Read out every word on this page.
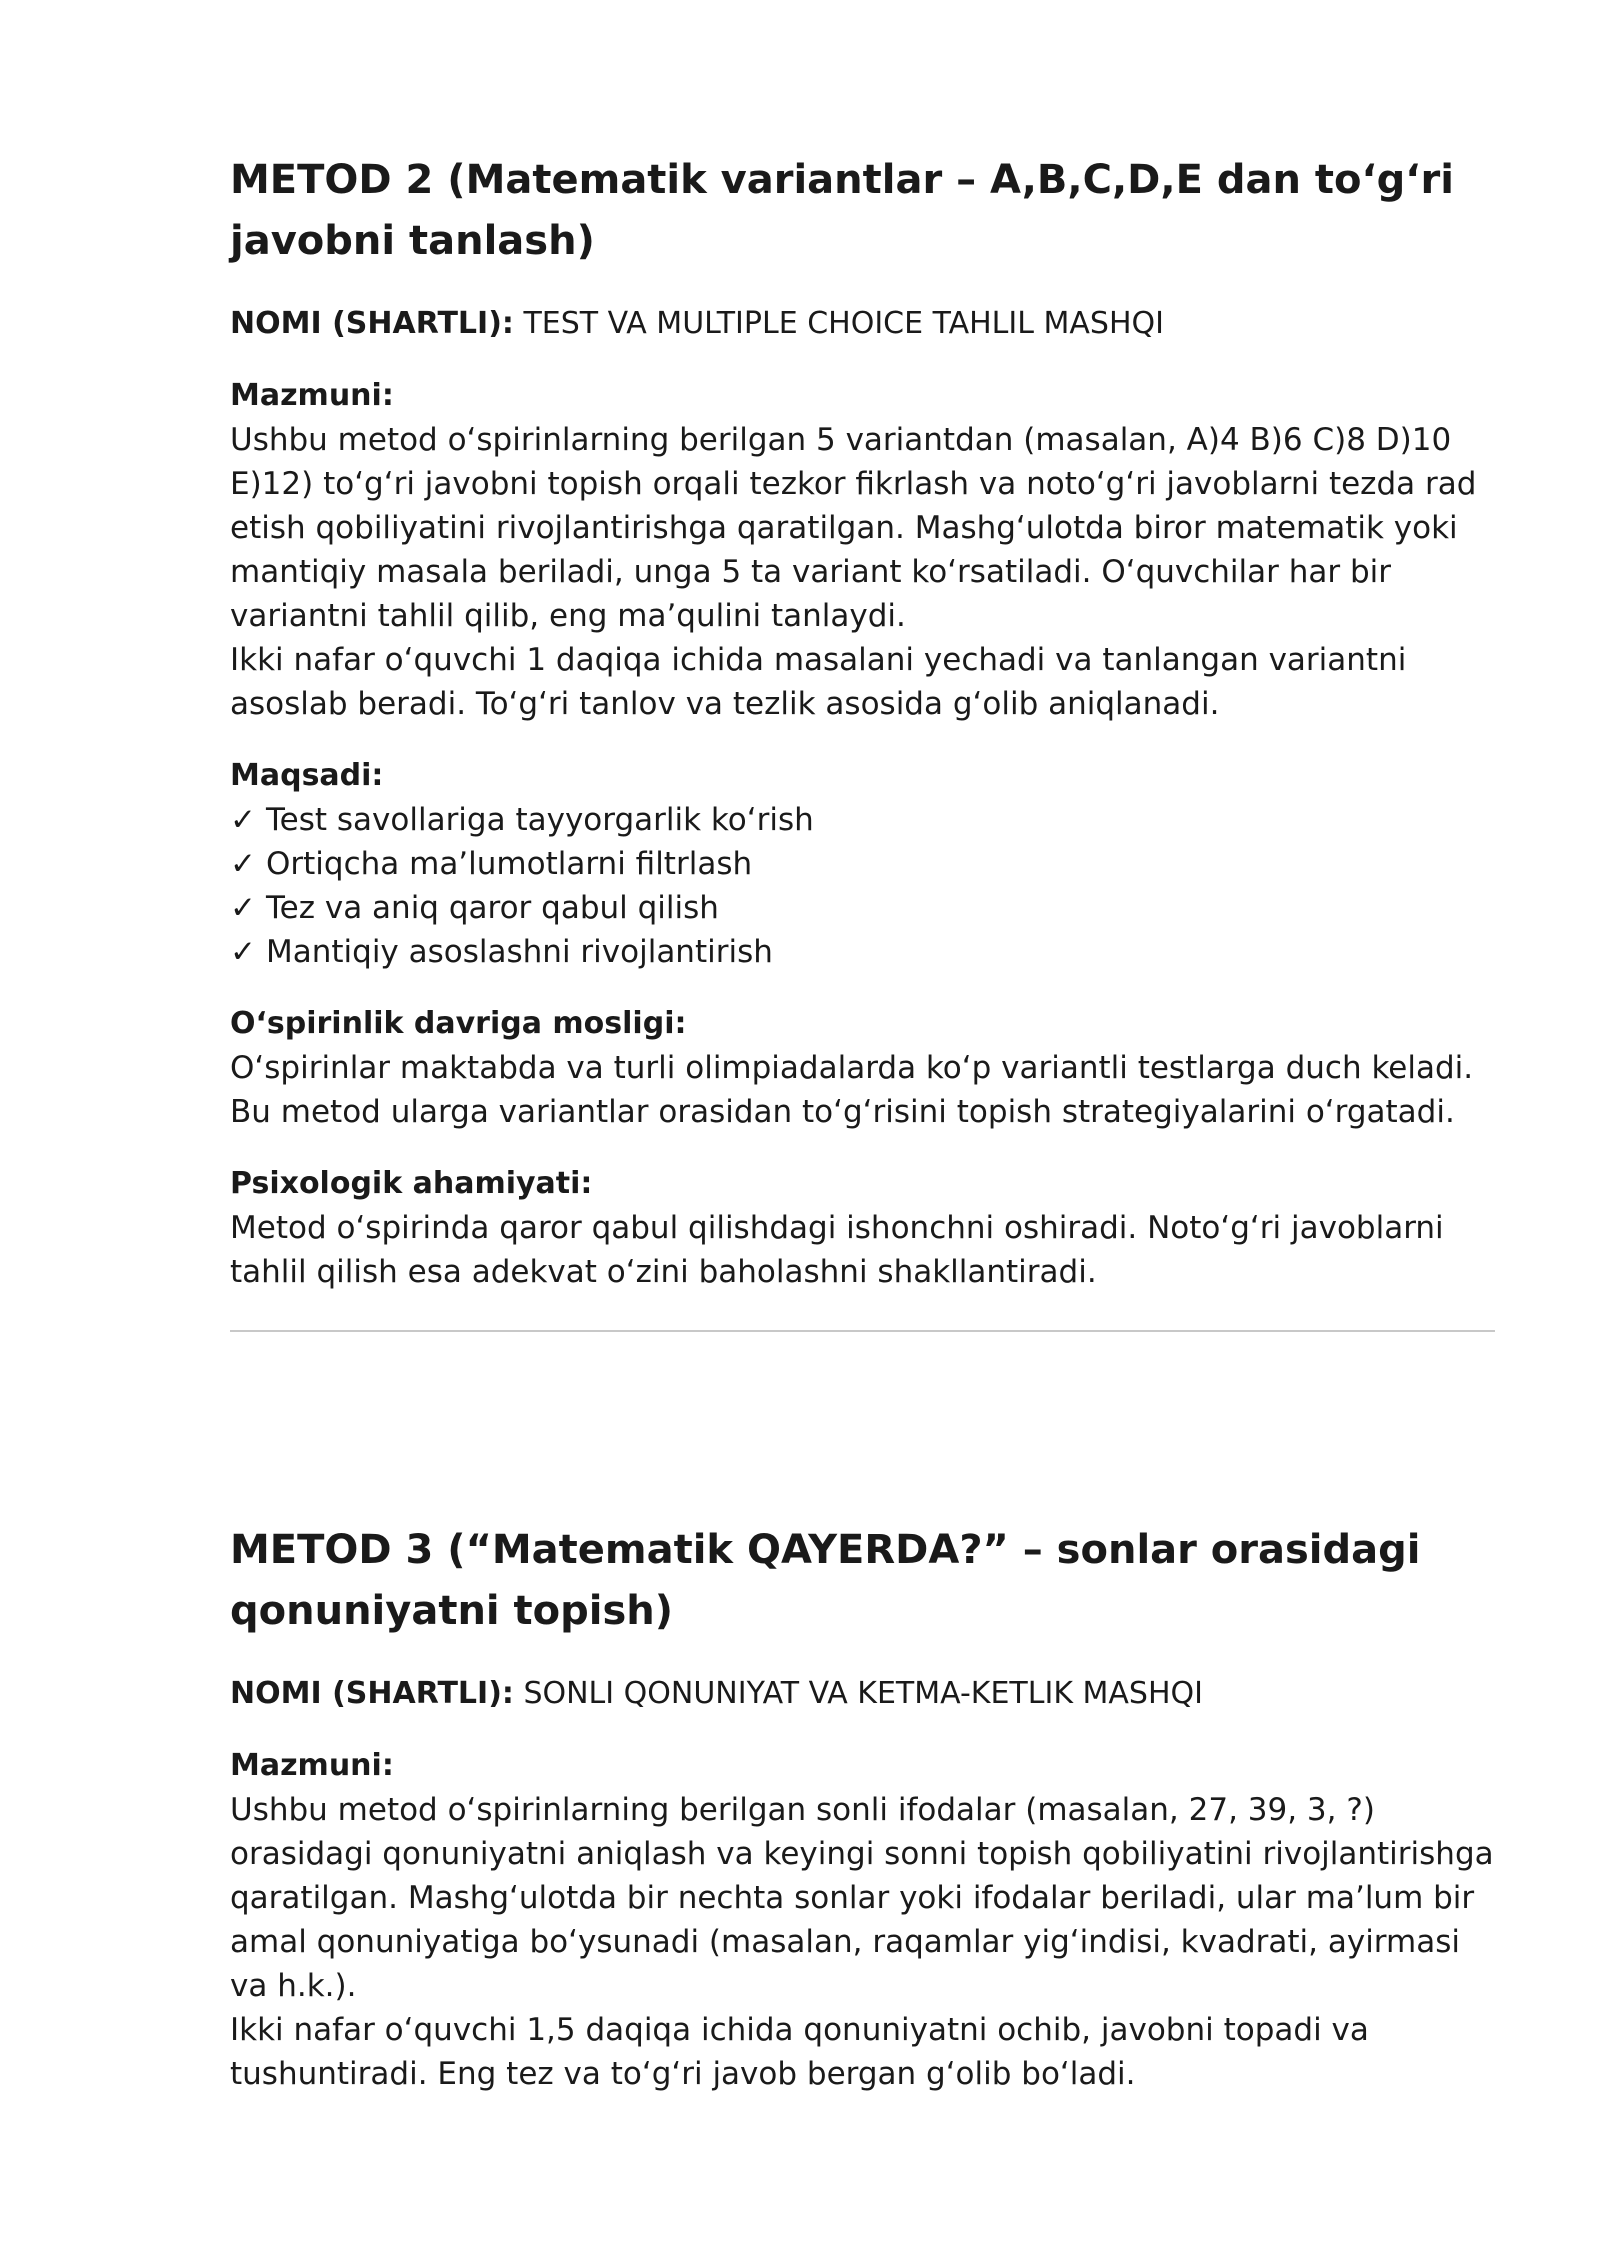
METOD 2 (Matematik variantlar – A,B,C,D,E dan toʻgʻri javobni tanlash)

NOMI (SHARTLI): TEST VA MULTIPLE CHOICE TAHLIL MASHQI

Mazmuni:

Ushbu metod oʻspirinlarning berilgan 5 variantdan (masalan, A)4 B)6 C)8 D)10 E)12) toʻgʻri javobni topish orqali tezkor fikrlash va notoʻgʻri javoblarni tezda rad etish qobiliyatini rivojlantirishga qaratilgan. Mashgʻulotda biror matematik yoki mantiqiy masala beriladi, unga 5 ta variant koʻrsatiladi. Oʻquvchilar har bir variantni tahlil qilib, eng maʼqulini tanlaydi.

Ikki nafar oʻquvchi 1 daqiqa ichida masalani yechadi va tanlangan variantni asoslab beradi. Toʻgʻri tanlov va tezlik asosida gʻolib aniqlanadi.

Maqsadi:

✓ Test savollariga tayyorgarlik koʻrish
✓ Ortiqcha maʼlumotlarni filtrlash
✓ Tez va aniq qaror qabul qilish
✓ Mantiqiy asoslashni rivojlantirish

Oʻspirinlik davriga mosligi:

Oʻspirinlar maktabda va turli olimpiadalarda koʻp variantli testlarga duch keladi. Bu metod ularga variantlar orasidan toʻgʻrisini topish strategiyalarini oʻrgatadi.

Psixologik ahamiyati:

Metod oʻspirinda qaror qabul qilishdagi ishonchni oshiradi. Notoʻgʻri javoblarni tahlil qilish esa adekvat oʻzini baholashni shakllantiradi.

METOD 3 (“Matematik QAYERDA?” – sonlar orasidagi qonuniyatni topish)

NOMI (SHARTLI): SONLI QONUNIYAT VA KETMA-KETLIK MASHQI

Mazmuni:

Ushbu metod oʻspirinlarning berilgan sonli ifodalar (masalan, 27, 39, 3, ?) orasidagi qonuniyatni aniqlash va keyingi sonni topish qobiliyatini rivojlantirishga qaratilgan. Mashgʻulotda bir nechta sonlar yoki ifodalar beriladi, ular maʼlum bir amal qonuniyatiga boʻysunadi (masalan, raqamlar yigʻindisi, kvadrati, ayirmasi va h.k.).

Ikki nafar oʻquvchi 1,5 daqiqa ichida qonuniyatni ochib, javobni topadi va tushuntiradi. Eng tez va toʻgʻri javob bergan gʻolib boʻladi.
